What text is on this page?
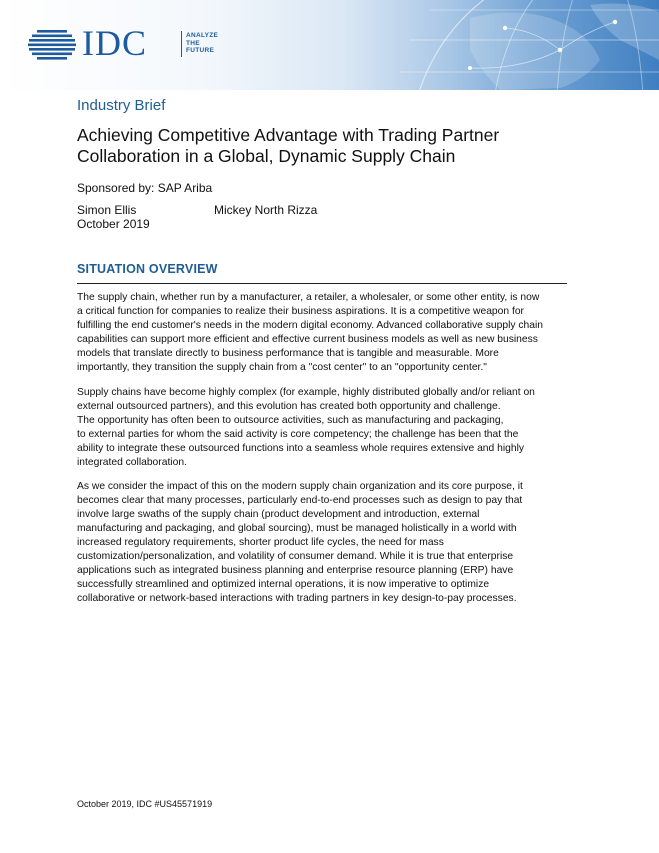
IDC	ANALYZE
THE
FUTURE
Industry Brief
Achieving Competitive Advantage with Trading Partner
Collaboration in a Global, Dynamic Supply Chain
Sponsored by: SAP Ariba
Simon Ellis	Mickey North Rizza
October 2019
SITUATION OVERVIEW
The supply chain, whether run by a manufacturer, a retailer, a wholesaler, or some other entity, is now
a critical function for companies to realize their business aspirations. It is a competitive weapon for
fulfilling the end customer's needs in the modern digital economy. Advanced collaborative supply chain
capabilities can support more efficient and effective current business models as well as new business
models that translate directly to business performance that is tangible and measurable. More
importantly, they transition the supply chain from a "cost center" to an "opportunity center."
Supply chains have become highly complex (for example, highly distributed globally and/or reliant on
external outsourced partners), and this evolution has created both opportunity and challenge.
The opportunity has often been to outsource activities, such as manufacturing and packaging,
to external parties for whom the said activity is core competency; the challenge has been that the
ability to integrate these outsourced functions into a seamless whole requires extensive and highly
integrated collaboration.
As we consider the impact of this on the modern supply chain organization and its core purpose, it
becomes clear that many processes, particularly end-to-end processes such as design to pay that
involve large swaths of the supply chain (product development and introduction, external
manufacturing and packaging, and global sourcing), must be managed holistically in a world with
increased regulatory requirements, shorter product life cycles, the need for mass
customization/personalization, and volatility of consumer demand. While it is true that enterprise
applications such as integrated business planning and enterprise resource planning (ERP) have
successfully streamlined and optimized internal operations, it is now imperative to optimize
collaborative or network-based interactions with trading partners in key design-to-pay processes.
October 2019, IDC #US45571919
